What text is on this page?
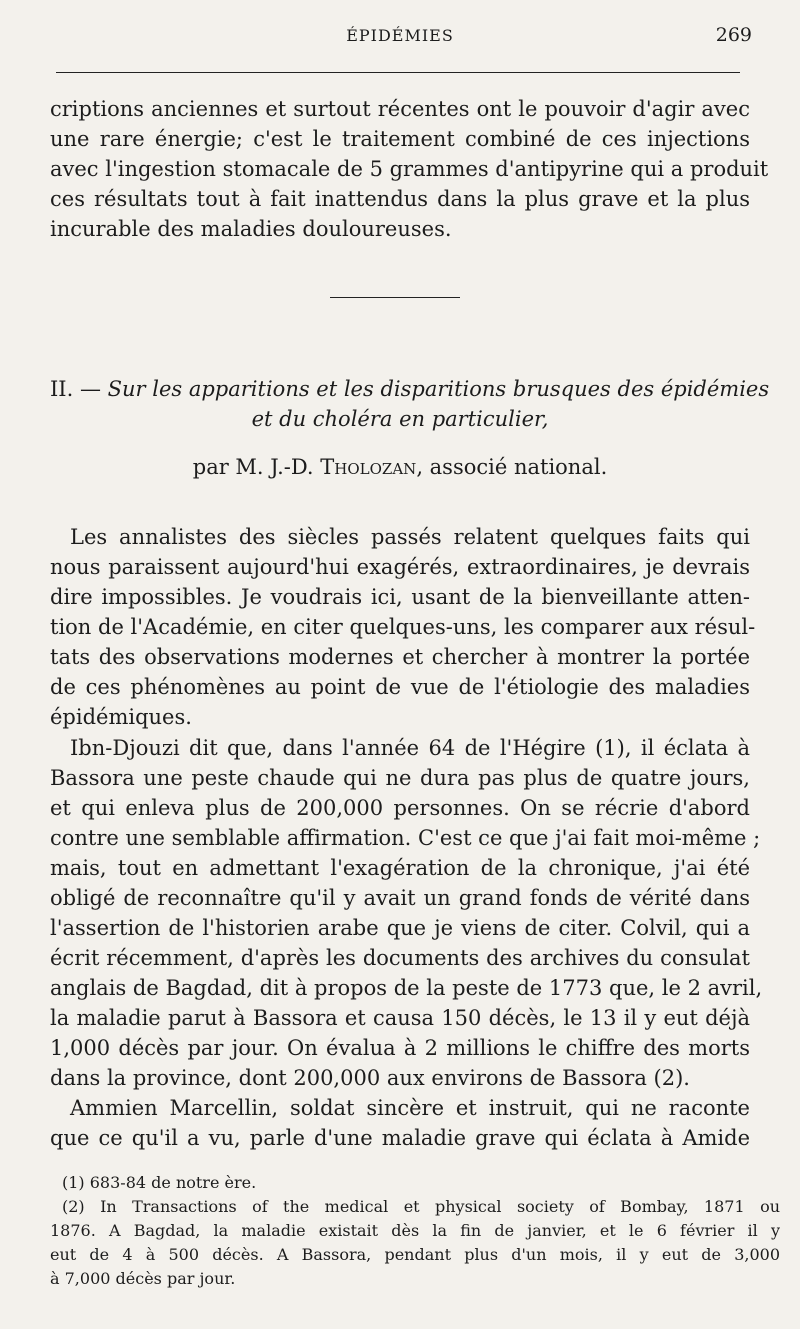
ÉPIDÉMIES	269
criptions anciennes et surtout récentes ont le pouvoir d'agir avec
une rare énergie; c'est le traitement combiné de ces injections
avec l'ingestion stomacale de 5 grammes d'antipyrine qui a produit
ces résultats tout à fait inattendus dans la plus grave et la plus
incurable des maladies douloureuses.
II. — Sur les apparitions et les disparitions brusques des épidémies
et du choléra en particulier,
par M. J.-D. Tholozan, associé national.
Les annalistes des siècles passés relatent quelques faits qui
nous paraissent aujourd'hui exagérés, extraordinaires, je devrais
dire impossibles. Je voudrais ici, usant de la bienveillante atten-
tion de l'Académie, en citer quelques-uns, les comparer aux résul-
tats des observations modernes et chercher à montrer la portée
de ces phénomènes au point de vue de l'étiologie des maladies
épidémiques.
Ibn-Djouzi dit que, dans l'année 64 de l'Hégire (1), il éclata à
Bassora une peste chaude qui ne dura pas plus de quatre jours,
et qui enleva plus de 200,000 personnes. On se récrie d'abord
contre une semblable affirmation. C'est ce que j'ai fait moi-même ;
mais, tout en admettant l'exagération de la chronique, j'ai été
obligé de reconnaître qu'il y avait un grand fonds de vérité dans
l'assertion de l'historien arabe que je viens de citer. Colvil, qui a
écrit récemment, d'après les documents des archives du consulat
anglais de Bagdad, dit à propos de la peste de 1773 que, le 2 avril,
la maladie parut à Bassora et causa 150 décès, le 13 il y eut déjà
1,000 décès par jour. On évalua à 2 millions le chiffre des morts
dans la province, dont 200,000 aux environs de Bassora (2).
Ammien Marcellin, soldat sincère et instruit, qui ne raconte
que ce qu'il a vu, parle d'une maladie grave qui éclata à Amide
(1) 683-84 de notre ère.
(2) In Transactions of the medical et physical society of Bombay, 1871 ou
1876. A Bagdad, la maladie existait dès la fin de janvier, et le 6 février il y
eut de 4 à 500 décès. A Bassora, pendant plus d'un mois, il y eut de 3,000
à 7,000 décès par jour.
